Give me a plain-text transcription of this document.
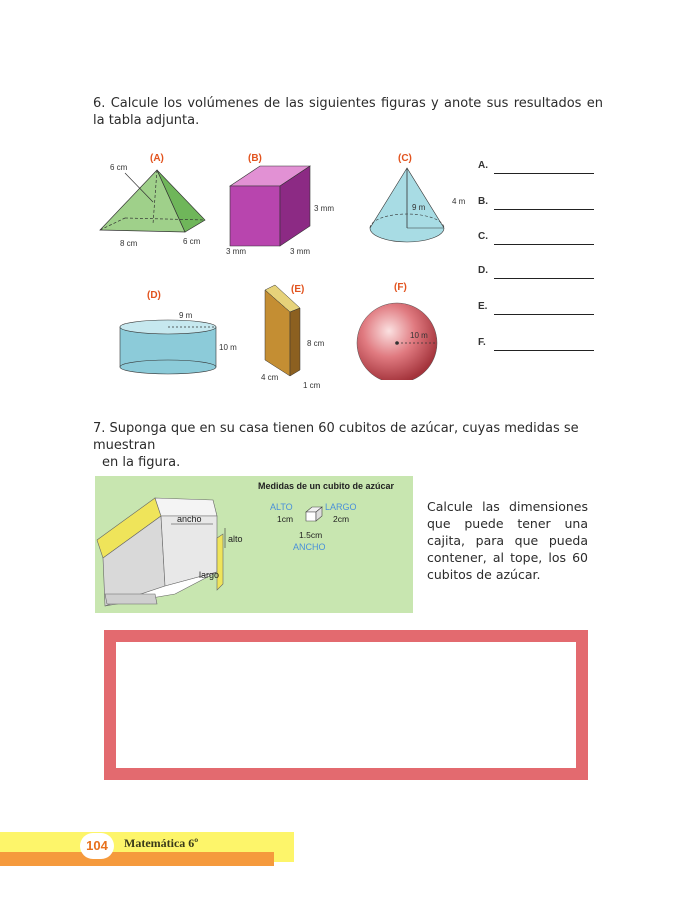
6. Calcule los volúmenes de las siguientes figuras y anote sus resultados en la tabla adjunta.
(A)
6 cm
8 cm	6 cm
(B)
3 mm
3 mm	3 mm
(C)
9 m
4 m
(D)
9 m
10 m
(E)
8 cm
4 cm
1 cm
(F)
10 m
A.
B.
C.
D.
E.
F.
7. Suponga que en su casa tienen 60 cubitos de azúcar, cuyas medidas se muestran
en la figura.
Medidas de un cubito de azúcar
ancho
alto
largo
ALTO	LARGO
1cm	2cm
1.5cm
ANCHO
Calcule las dimensiones que puede tener una cajita, para que pueda contener, al tope, los 60 cubitos de azúcar.
104	Matemática 6º
